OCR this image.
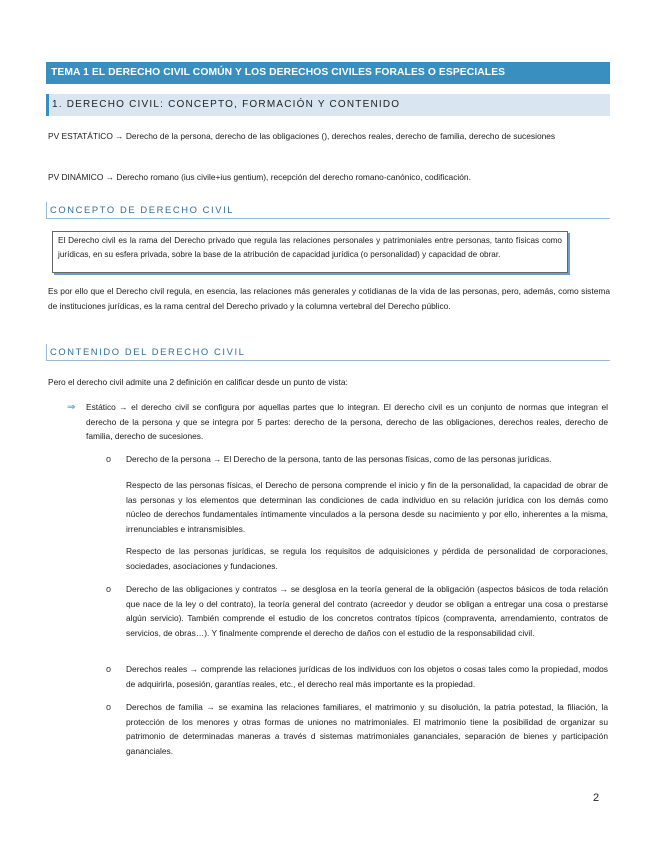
TEMA 1 EL DERECHO CIVIL COMÚN Y LOS DERECHOS CIVILES FORALES O ESPECIALES
1. DERECHO CIVIL: CONCEPTO, FORMACIÓN Y CONTENIDO
PV ESTATÁTICO → Derecho de la persona, derecho de las obligaciones (), derechos reales, derecho de familia, derecho de sucesiones
PV DINÁMICO → Derecho romano (ius civile+ius gentium), recepción del derecho romano-canónico, codificación.
CONCEPTO DE DERECHO CIVIL
El Derecho civil es la rama del Derecho privado que regula las relaciones personales y patrimoniales entre personas, tanto físicas como jurídicas, en su esfera privada, sobre la base de la atribución de capacidad jurídica (o personalidad) y capacidad de obrar.
Es por ello que el Derecho civil regula, en esencia, las relaciones más generales y cotidianas de la vida de las personas, pero, además, como sistema de instituciones jurídicas, es la rama central del Derecho privado y la columna vertebral del Derecho público.
CONTENIDO DEL DERECHO CIVIL
Pero el derecho civil admite una 2 definición en calificar desde un punto de vista:
⇒ Estático → el derecho civil se configura por aquellas partes que lo integran. El derecho civil es un conjunto de normas que integran el derecho de la persona y que se integra por 5 partes: derecho de la persona, derecho de las obligaciones, derechos reales, derecho de familia, derecho de sucesiones.
o Derecho de la persona → El Derecho de la persona, tanto de las personas físicas, como de las personas jurídicas.
Respecto de las personas físicas, el Derecho de persona comprende el inicio y fin de la personalidad, la capacidad de obrar de las personas y los elementos que determinan las condiciones de cada individuo en su relación jurídica con los demás como núcleo de derechos fundamentales íntimamente vinculados a la persona desde su nacimiento y por ello, inherentes a la misma, irrenunciables e intransmisibles.
Respecto de las personas jurídicas, se regula los requisitos de adquisiciones y pérdida de personalidad de corporaciones, sociedades, asociaciones y fundaciones.
o Derecho de las obligaciones y contratos → se desglosa en la teoría general de la obligación (aspectos básicos de toda relación que nace de la ley o del contrato), la teoría general del contrato (acreedor y deudor se obligan a entregar una cosa o prestarse algún servicio). También comprende el estudio de los concretos contratos típicos (compraventa, arrendamiento, contratos de servicios, de obras…). Y finalmente comprende el derecho de daños con el estudio de la responsabilidad civil.
o Derechos reales → comprende las relaciones jurídicas de los individuos con los objetos o cosas tales como la propiedad, modos de adquirirla, posesión, garantías reales, etc., el derecho real más importante es la propiedad.
o Derechos de familia → se examina las relaciones familiares, el matrimonio y su disolución, la patria potestad, la filiación, la protección de los menores y otras formas de uniones no matrimoniales. El matrimonio tiene la posibilidad de organizar su patrimonio de determinadas maneras a través d sistemas matrimoniales gananciales, separación de bienes y participación gananciales.
2
